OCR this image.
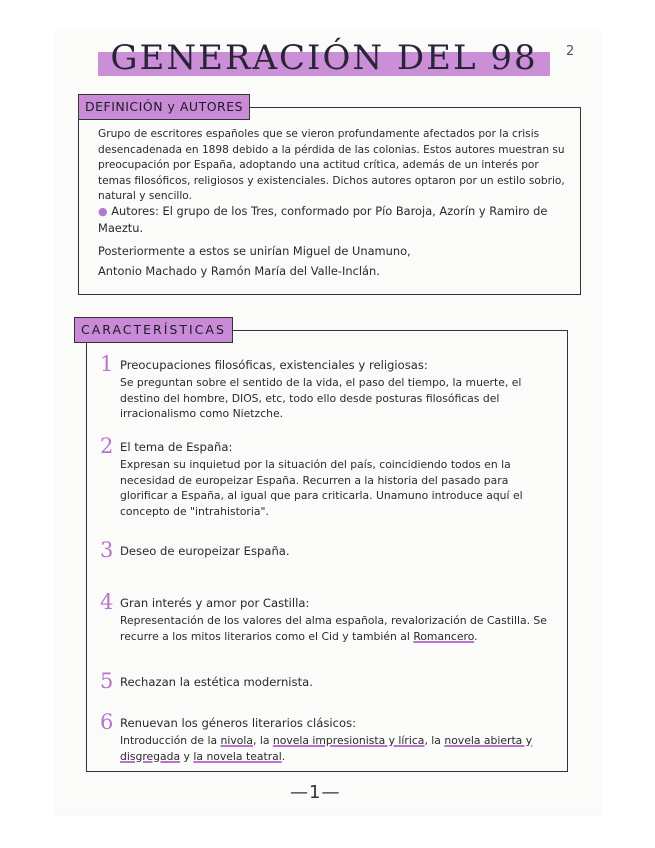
GENERACIÓN DEL 98	2
DEFINICIÓN y AUTORES
Grupo de escritores españoles que se vieron profundamente afectados por la crisis desencadenada en 1898 debido a la pérdida de las colonias. Estos autores muestran su preocupación por España, adoptando una actitud crítica, además de un interés por temas filosóficos, religiosos y existenciales. Dichos autores optaron por un estilo sobrio, natural y sencillo.
● Autores: El grupo de los Tres, conformado por Pío Baroja, Azorín y Ramiro de Maeztu.
Posteriormente a estos se unirían Miguel de Unamuno,
Antonio Machado y Ramón María del Valle-Inclán.
CARACTERÍSTICAS
1 Preocupaciones filosóficas, existenciales y religiosas:
Se preguntan sobre el sentido de la vida, el paso del tiempo, la muerte, el destino del hombre, DIOS, etc, todo ello desde posturas filosóficas del irracionalismo como Nietzche.
2 El tema de España:
Expresan su inquietud por la situación del país, coincidiendo todos en la necesidad de europeizar España. Recurren a la historia del pasado para glorificar a España, al igual que para criticarla. Unamuno introduce aquí el concepto de "intrahistoria".
3 Deseo de europeizar España.
4 Gran interés y amor por Castilla:
Representación de los valores del alma española, revalorización de Castilla. Se recurre a los mitos literarios como el Cid y también al Romancero.
5 Rechazan la estética modernista.
6 Renuevan los géneros literarios clásicos:
Introducción de la nivola, la novela impresionista y lírica, la novela abierta y disgregada y la novela teatral.
—1—
